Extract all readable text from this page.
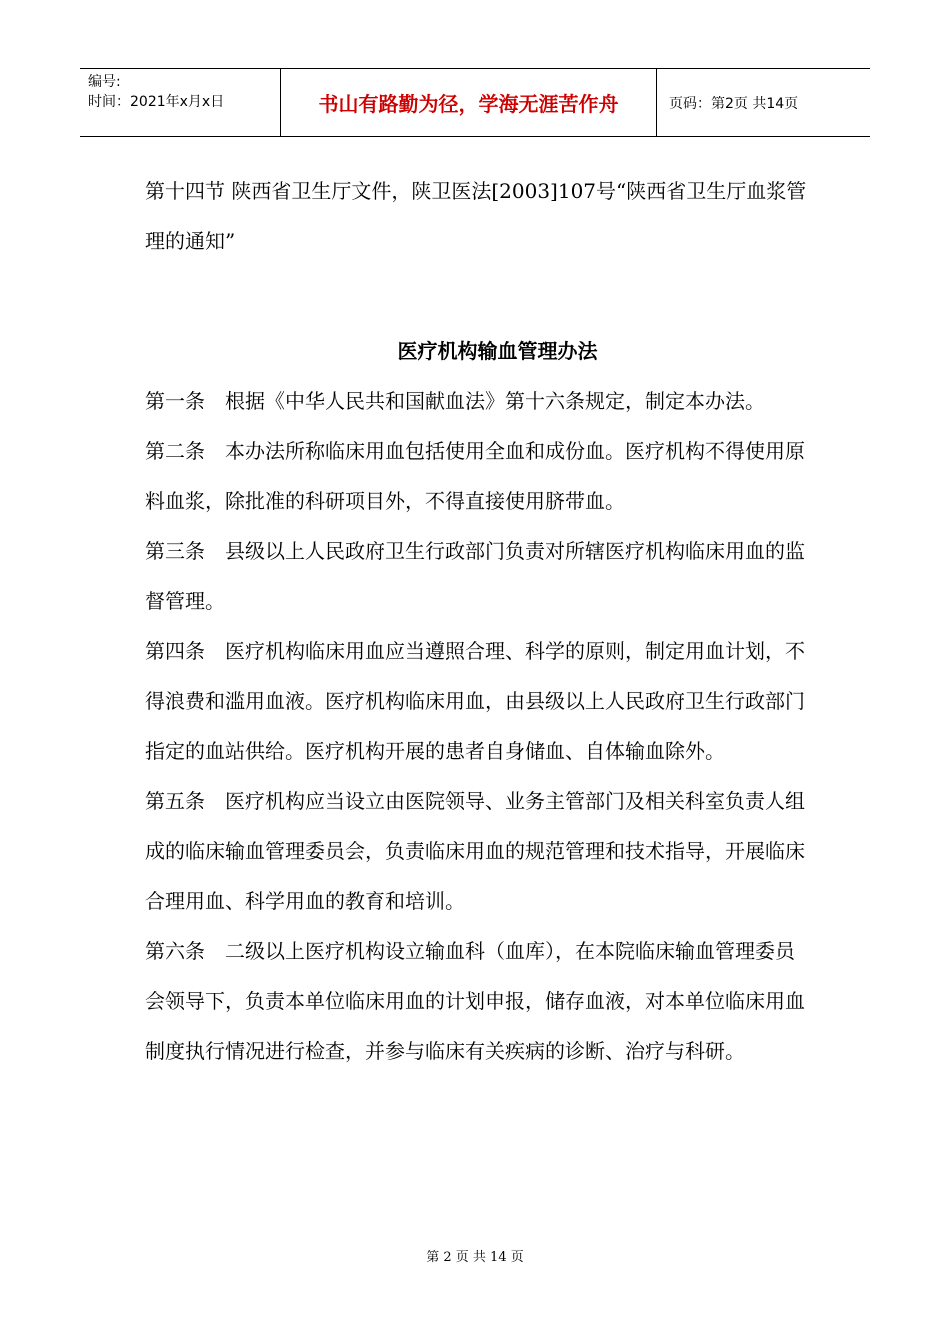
编号:
时间：2021年x月x日	书山有路勤为径，学海无涯苦作舟	页码：第2页 共14页

第十四节 陕西省卫生厅文件，陕卫医法[2003]107号“陕西省卫生厅血浆管理的通知”

医疗机构输血管理办法

第一条　根据《中华人民共和国献血法》第十六条规定，制定本办法。

第二条　本办法所称临床用血包括使用全血和成份血。医疗机构不得使用原料血浆，除批准的科研项目外，不得直接使用脐带血。

第三条　县级以上人民政府卫生行政部门负责对所辖医疗机构临床用血的监督管理。

第四条　医疗机构临床用血应当遵照合理、科学的原则，制定用血计划，不得浪费和滥用血液。医疗机构临床用血，由县级以上人民政府卫生行政部门指定的血站供给。医疗机构开展的患者自身储血、自体输血除外。

第五条　医疗机构应当设立由医院领导、业务主管部门及相关科室负责人组成的临床输血管理委员会，负责临床用血的规范管理和技术指导，开展临床合理用血、科学用血的教育和培训。

第六条　二级以上医疗机构设立输血科（血库），在本院临床输血管理委员会领导下，负责本单位临床用血的计划申报，储存血液，对本单位临床用血制度执行情况进行检查，并参与临床有关疾病的诊断、治疗与科研。

第 2 页 共 14 页
